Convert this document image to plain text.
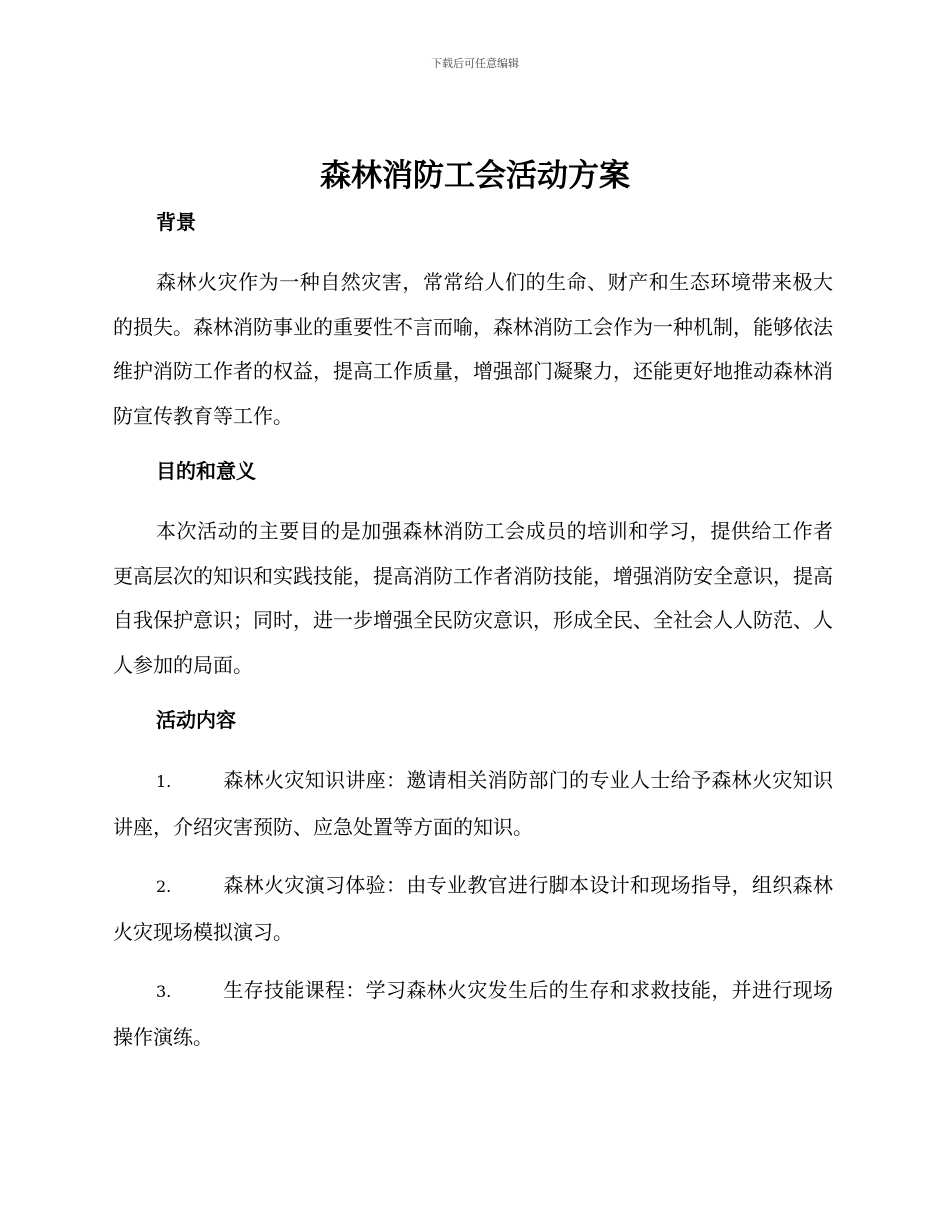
下载后可任意编辑
森林消防工会活动方案
背景

森林火灾作为一种自然灾害，常常给人们的生命、财产和生态环境带来极大的损失。森林消防事业的重要性不言而喻，森林消防工会作为一种机制，能够依法维护消防工作者的权益，提高工作质量，增强部门凝聚力，还能更好地推动森林消防宣传教育等工作。

目的和意义

本次活动的主要目的是加强森林消防工会成员的培训和学习，提供给工作者更高层次的知识和实践技能，提高消防工作者消防技能，增强消防安全意识，提高自我保护意识；同时，进一步增强全民防灾意识，形成全民、全社会人人防范、人人参加的局面。

活动内容

1.	森林火灾知识讲座：邀请相关消防部门的专业人士给予森林火灾知识讲座，介绍灾害预防、应急处置等方面的知识。

2.	森林火灾演习体验：由专业教官进行脚本设计和现场指导，组织森林火灾现场模拟演习。

3.	生存技能课程：学习森林火灾发生后的生存和求救技能，并进行现场操作演练。
